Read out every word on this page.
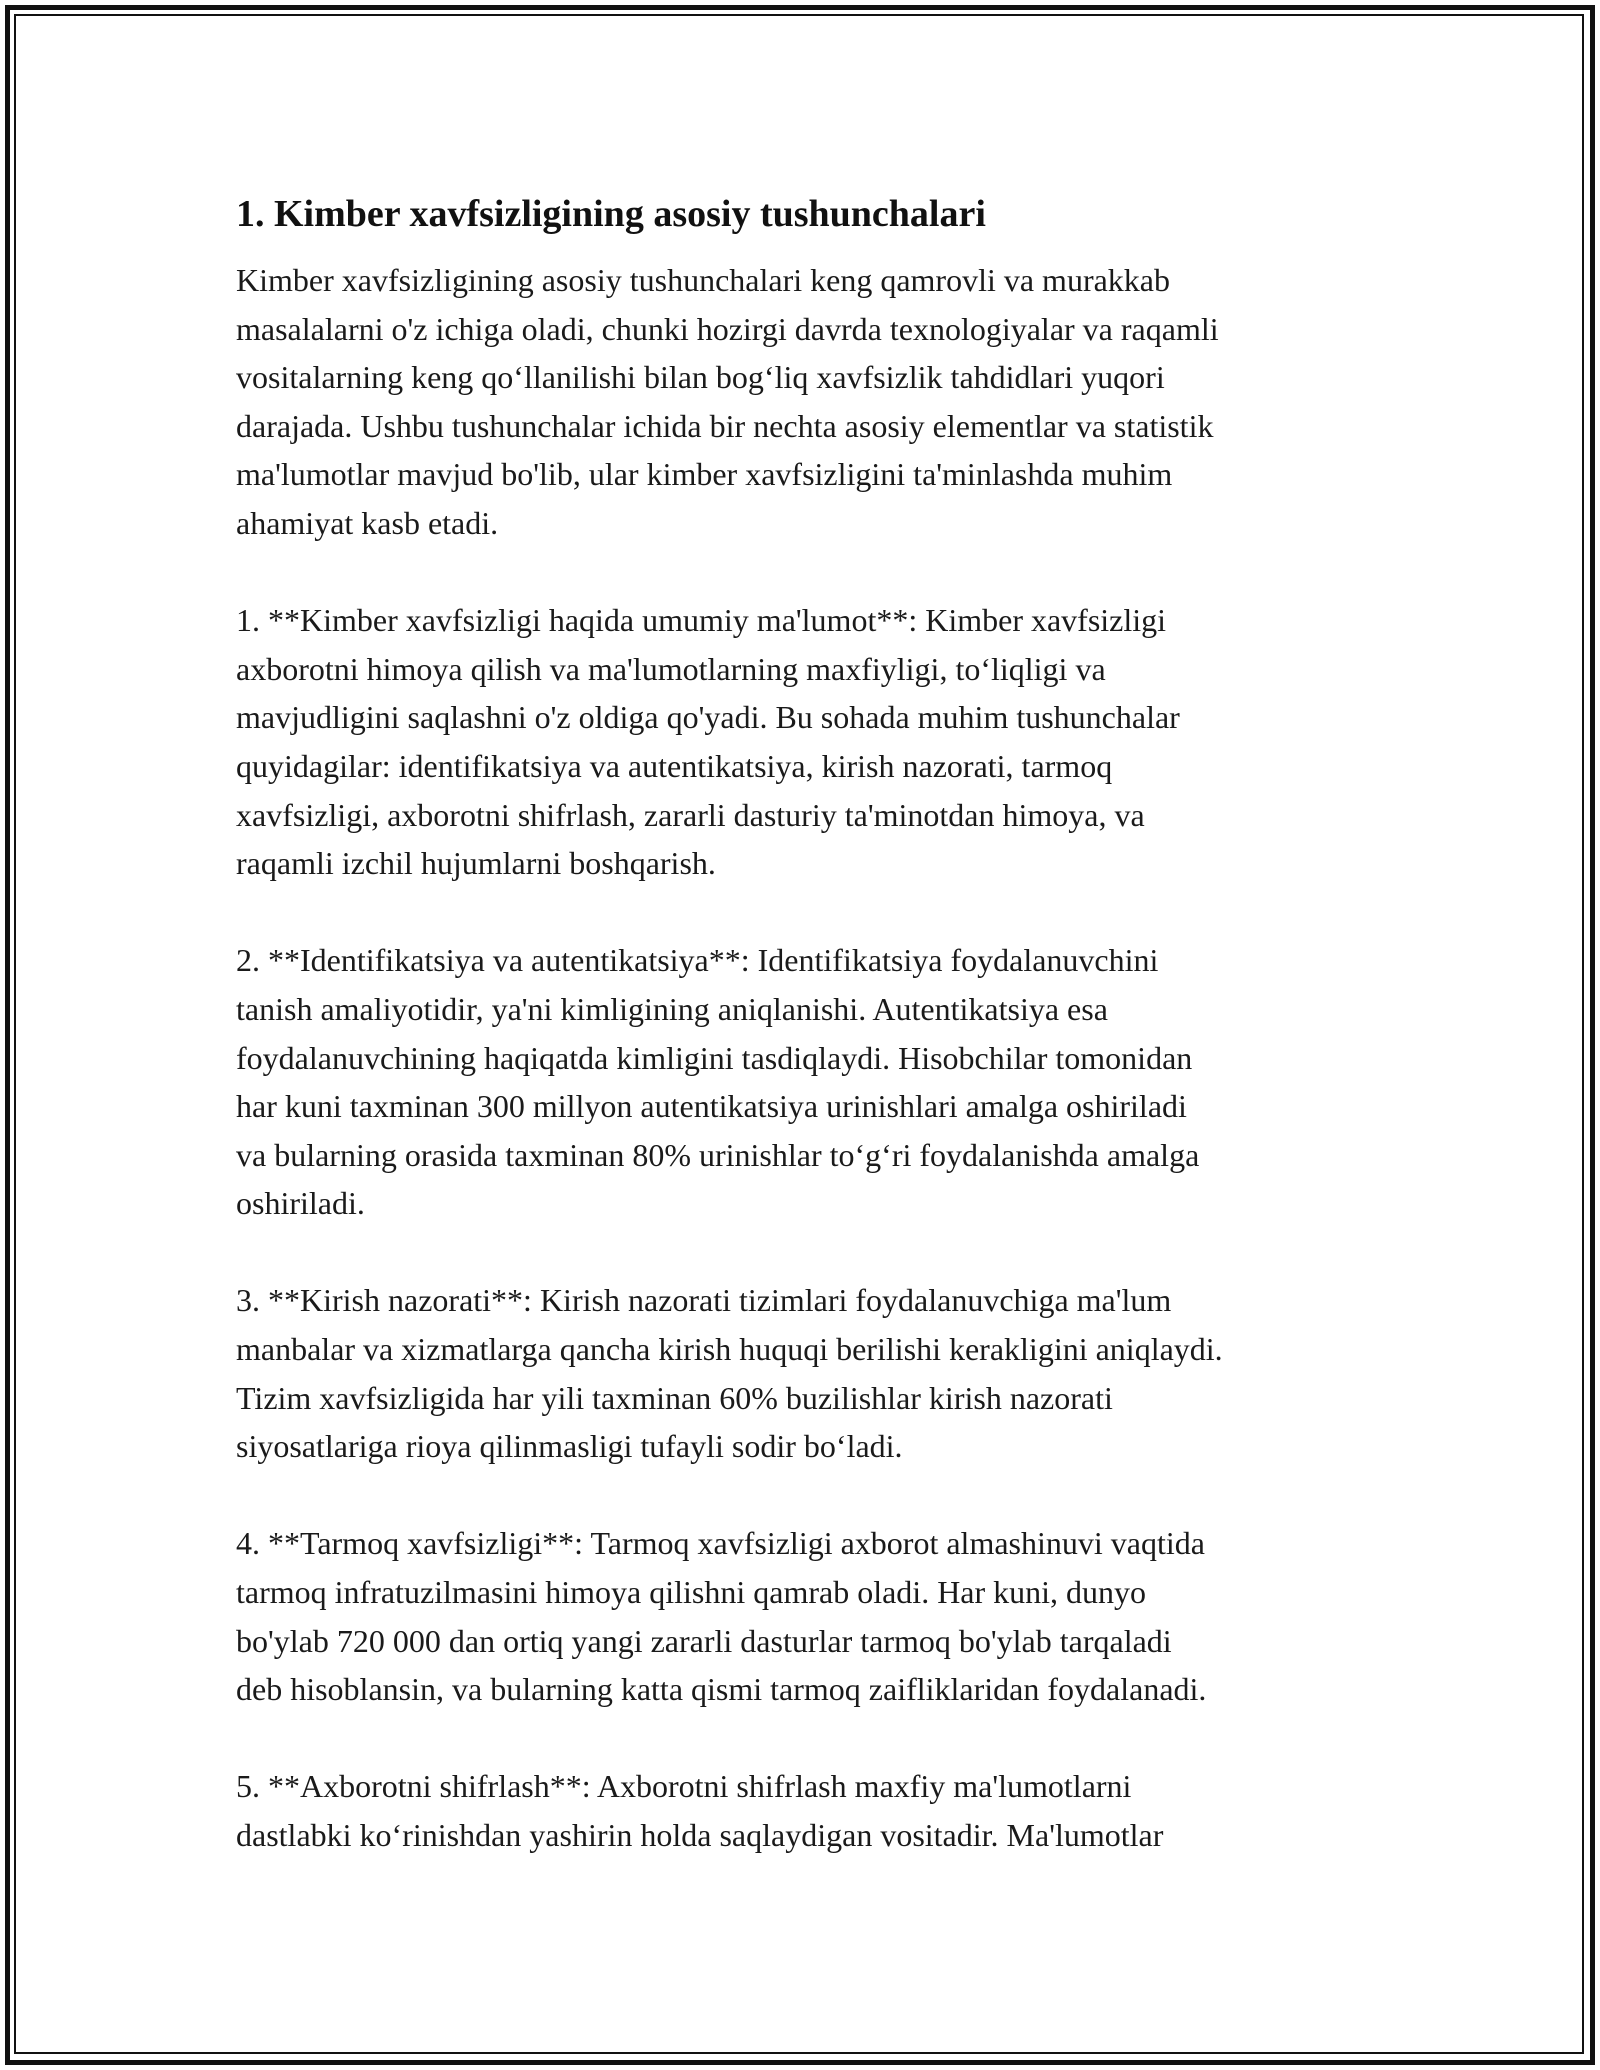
1. Kimber xavfsizligining asosiy tushunchalari

Kimber xavfsizligining asosiy tushunchalari keng qamrovli va murakkab
masalalarni o'z ichiga oladi, chunki hozirgi davrda texnologiyalar va raqamli
vositalarning keng qo‘llanilishi bilan bog‘liq xavfsizlik tahdidlari yuqori
darajada. Ushbu tushunchalar ichida bir nechta asosiy elementlar va statistik
ma'lumotlar mavjud bo'lib, ular kimber xavfsizligini ta'minlashda muhim
ahamiyat kasb etadi.

1. **Kimber xavfsizligi haqida umumiy ma'lumot**: Kimber xavfsizligi
axborotni himoya qilish va ma'lumotlarning maxfiyligi, to‘liqligi va
mavjudligini saqlashni o'z oldiga qo'yadi. Bu sohada muhim tushunchalar
quyidagilar: identifikatsiya va autentikatsiya, kirish nazorati, tarmoq
xavfsizligi, axborotni shifrlash, zararli dasturiy ta'minotdan himoya, va
raqamli izchil hujumlarni boshqarish.

2. **Identifikatsiya va autentikatsiya**: Identifikatsiya foydalanuvchini
tanish amaliyotidir, ya'ni kimligining aniqlanishi. Autentikatsiya esa
foydalanuvchining haqiqatda kimligini tasdiqlaydi. Hisobchilar tomonidan
har kuni taxminan 300 millyon autentikatsiya urinishlari amalga oshiriladi
va bularning orasida taxminan 80% urinishlar to‘g‘ri foydalanishda amalga
oshiriladi.

3. **Kirish nazorati**: Kirish nazorati tizimlari foydalanuvchiga ma'lum
manbalar va xizmatlarga qancha kirish huquqi berilishi kerakligini aniqlaydi.
Tizim xavfsizligida har yili taxminan 60% buzilishlar kirish nazorati
siyosatlariga rioya qilinmasligi tufayli sodir bo‘ladi.

4. **Tarmoq xavfsizligi**: Tarmoq xavfsizligi axborot almashinuvi vaqtida
tarmoq infratuzilmasini himoya qilishni qamrab oladi. Har kuni, dunyo
bo'ylab 720 000 dan ortiq yangi zararli dasturlar tarmoq bo'ylab tarqaladi
deb hisoblansin, va bularning katta qismi tarmoq zaifliklaridan foydalanadi.

5. **Axborotni shifrlash**: Axborotni shifrlash maxfiy ma'lumotlarni
dastlabki ko‘rinishdan yashirin holda saqlaydigan vositadir. Ma'lumotlar
